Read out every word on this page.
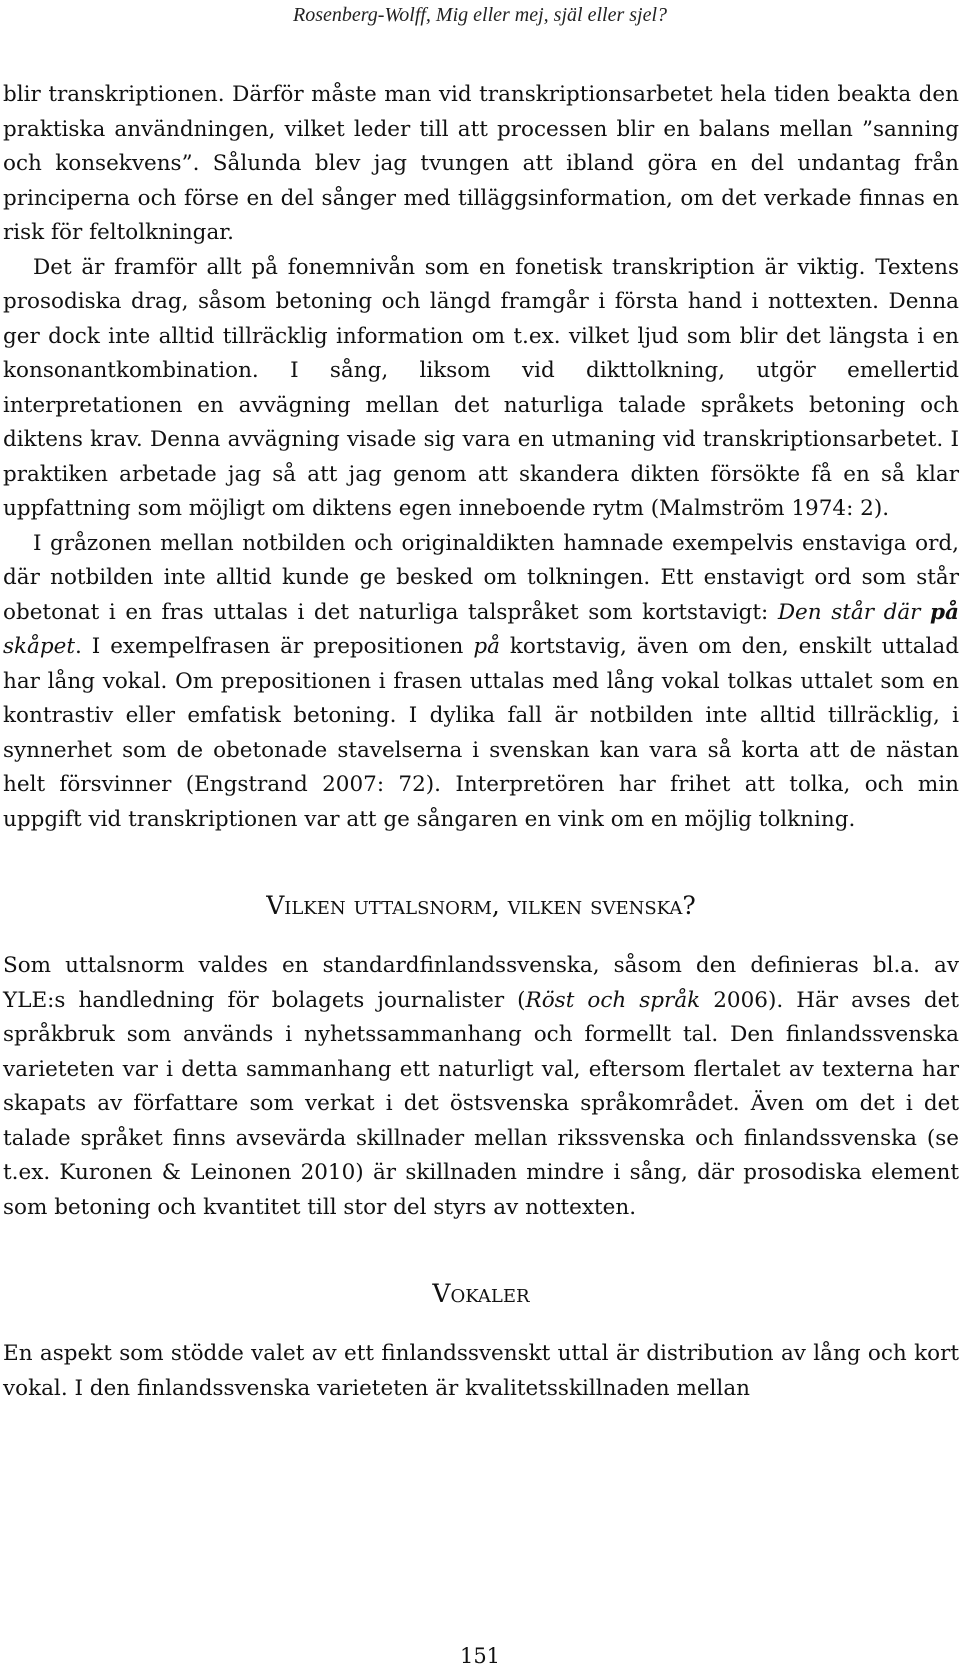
Rosenberg-Wolff, Mig eller mej, själ eller sjel?

blir transkriptionen. Därför måste man vid transkriptionsarbetet hela tiden beakta den praktiska användningen, vilket leder till att processen blir en balans mellan ”sanning och konsekvens”. Sålunda blev jag tvungen att ibland göra en del undantag från principerna och förse en del sånger med tilläggsinformation, om det verkade finnas en risk för feltolkningar.

Det är framför allt på fonemnivån som en fonetisk transkription är viktig. Textens prosodiska drag, såsom betoning och längd framgår i första hand i nottexten. Denna ger dock inte alltid tillräcklig information om t.ex. vilket ljud som blir det längsta i en konsonantkombination. I sång, liksom vid dikttolkning, utgör emellertid interpretationen en avvägning mellan det naturliga talade språkets betoning och diktens krav. Denna avvägning visade sig vara en utmaning vid transkriptionsarbetet. I praktiken arbetade jag så att jag genom att skandera dikten försökte få en så klar uppfattning som möjligt om diktens egen inneboende rytm (Malmström 1974: 2).

I gråzonen mellan notbilden och originaldikten hamnade exempelvis enstaviga ord, där notbilden inte alltid kunde ge besked om tolkningen. Ett enstavigt ord som står obetonat i en fras uttalas i det naturliga talspråket som kortstavigt: Den står där på skåpet. I exempelfrasen är prepositionen på kortstavig, även om den, enskilt uttalad har lång vokal. Om prepositionen i frasen uttalas med lång vokal tolkas uttalet som en kontrastiv eller emfatisk betoning. I dylika fall är notbilden inte alltid tillräcklig, i synnerhet som de obetonade stavelserna i svenskan kan vara så korta att de nästan helt försvinner (Engstrand 2007: 72). Interpretören har frihet att tolka, och min uppgift vid transkriptionen var att ge sångaren en vink om en möjlig tolkning.

Vilken uttalsnorm, vilken svenska?

Som uttalsnorm valdes en standardfinlandssvenska, såsom den definieras bl.a. av YLE:s handledning för bolagets journalister (Röst och språk 2006). Här avses det språkbruk som används i nyhetssammanhang och formellt tal. Den finlandssvenska varieteten var i detta sammanhang ett naturligt val, eftersom flertalet av texterna har skapats av författare som verkat i det östsvenska språkområdet. Även om det i det talade språket finns avsevärda skillnader mellan rikssvenska och finlandssvenska (se t.ex. Kuronen & Leinonen 2010) är skillnaden mindre i sång, där prosodiska element som betoning och kvantitet till stor del styrs av nottexten.

Vokaler

En aspekt som stödde valet av ett finlandssvenskt uttal är distribution av lång och kort vokal. I den finlandssvenska varieteten är kvalitetsskillnaden mellan

151
